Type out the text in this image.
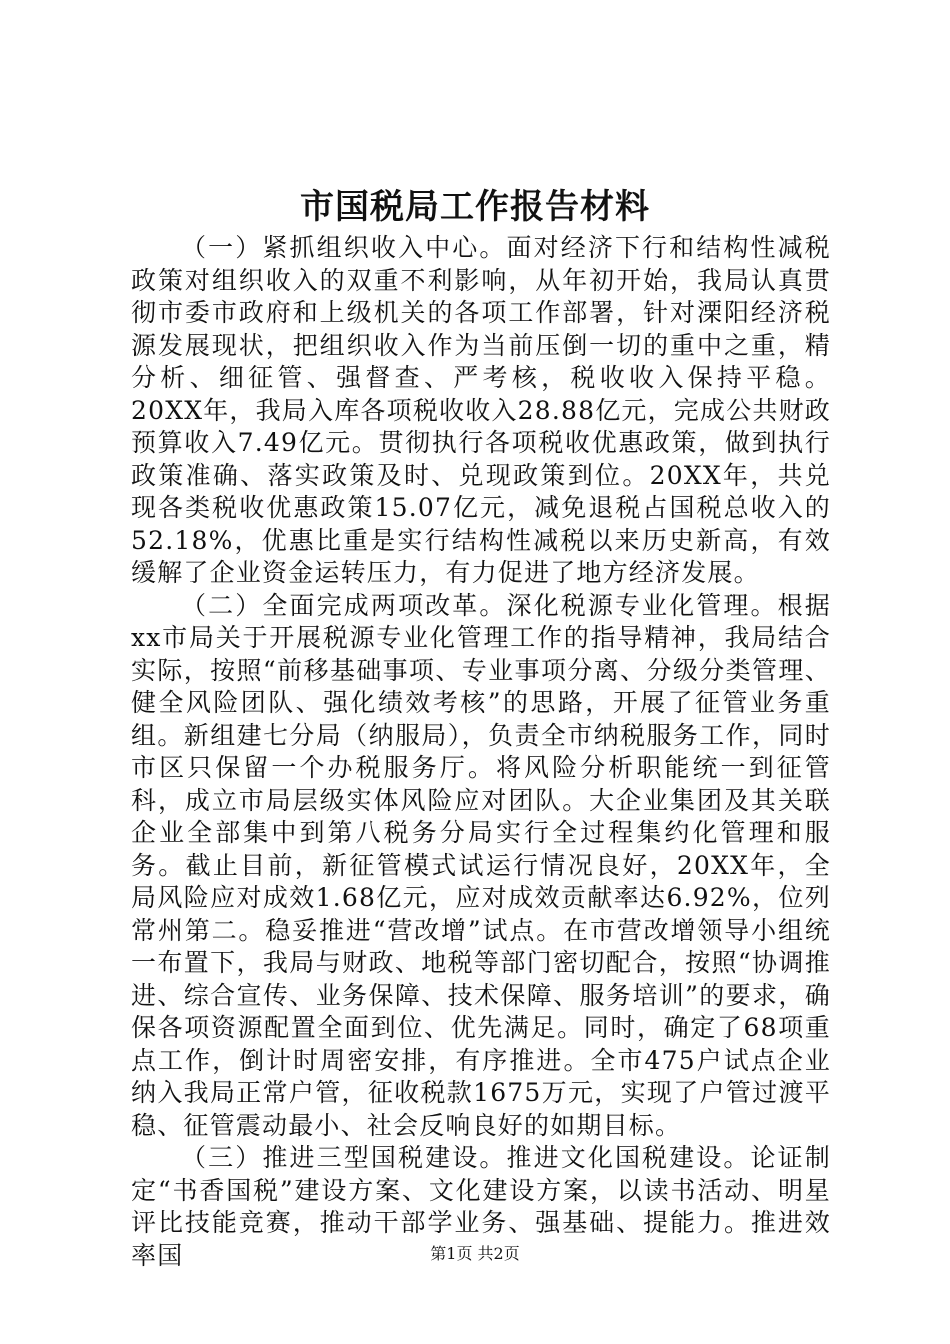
市国税局工作报告材料

（一）紧抓组织收入中心。面对经济下行和结构性减税政策对组织收入的双重不利影响，从年初开始，我局认真贯彻市委市政府和上级机关的各项工作部署，针对溧阳经济税源发展现状，把组织收入作为当前压倒一切的重中之重，精分析、细征管、强督查、严考核，税收收入保持平稳。20XX年，我局入库各项税收收入28.88亿元，完成公共财政预算收入7.49亿元。贯彻执行各项税收优惠政策，做到执行政策准确、落实政策及时、兑现政策到位。20XX年，共兑现各类税收优惠政策15.07亿元，减免退税占国税总收入的52.18%，优惠比重是实行结构性减税以来历史新高，有效缓解了企业资金运转压力，有力促进了地方经济发展。

（二）全面完成两项改革。深化税源专业化管理。根据xx市局关于开展税源专业化管理工作的指导精神，我局结合实际，按照“前移基础事项、专业事项分离、分级分类管理、健全风险团队、强化绩效考核”的思路，开展了征管业务重组。新组建七分局（纳服局），负责全市纳税服务工作，同时市区只保留一个办税服务厅。将风险分析职能统一到征管科，成立市局层级实体风险应对团队。大企业集团及其关联企业全部集中到第八税务分局实行全过程集约化管理和服务。截止目前，新征管模式试运行情况良好，20XX年，全局风险应对成效1.68亿元，应对成效贡献率达6.92%，位列常州第二。稳妥推进“营改增”试点。在市营改增领导小组统一布置下，我局与财政、地税等部门密切配合，按照“协调推进、综合宣传、业务保障、技术保障、服务培训”的要求，确保各项资源配置全面到位、优先满足。同时，确定了68项重点工作，倒计时周密安排，有序推进。全市475户试点企业纳入我局正常户管，征收税款1675万元，实现了户管过渡平稳、征管震动最小、社会反响良好的如期目标。

（三）推进三型国税建设。推进文化国税建设。论证制定“书香国税”建设方案、文化建设方案，以读书活动、明星评比技能竞赛，推动干部学业务、强基础、提能力。推进效率国	第1页 共2页
